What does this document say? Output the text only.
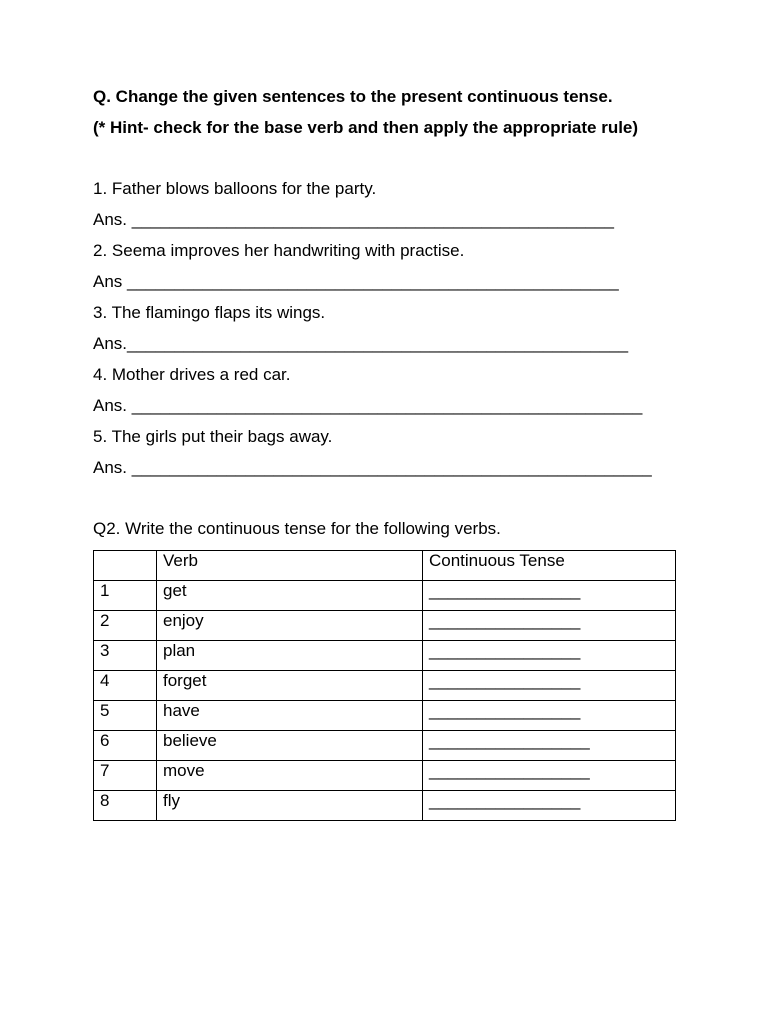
Q. Change the given sentences to the present continuous tense.
(* Hint- check for the base verb and then apply the appropriate rule)
1. Father blows balloons for the party.
Ans. ___________________________________________________
2. Seema improves her handwriting with practise.
Ans ____________________________________________________
3. The flamingo flaps its wings.
Ans._____________________________________________________
4. Mother drives a red car.
Ans. ______________________________________________________
5. The girls put their bags away.
Ans. _______________________________________________________
Q2. Write the continuous tense for the following verbs.
	Verb	Continuous Tense
1	get	________________
2	enjoy	________________
3	plan	________________
4	forget	________________
5	have	________________
6	believe	_________________
7	move	_________________
8	fly	________________
